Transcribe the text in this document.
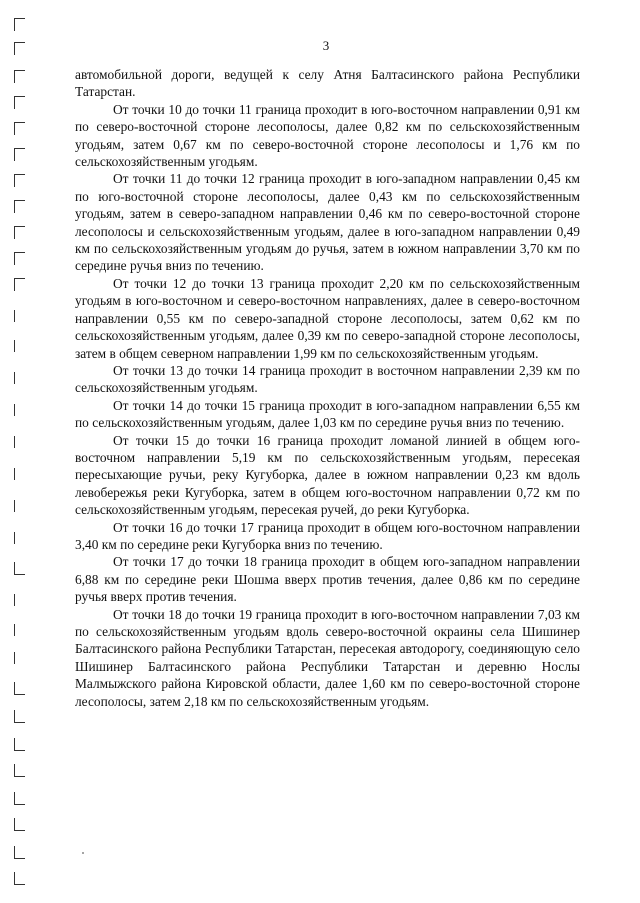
3

автомобильной дороги, ведущей к селу Атня Балтасинского района Республики Татарстан.

От точки 10 до точки 11 граница проходит в юго-восточном направлении 0,91 км по северо-восточной стороне лесополосы, далее 0,82 км по сельскохозяйственным угодьям, затем 0,67 км по северо-восточной стороне лесополосы и 1,76 км по сельскохозяйственным угодьям.

От точки 11 до точки 12 граница проходит в юго-западном направлении 0,45 км по юго-восточной стороне лесополосы, далее 0,43 км по сельскохозяйственным угодьям, затем в северо-западном направлении 0,46 км по северо-восточной стороне лесополосы и сельскохозяйственным угодьям, далее в юго-западном направлении 0,49 км по сельскохозяйственным угодьям до ручья, затем в южном направлении 3,70 км по середине ручья вниз по течению.

От точки 12 до точки 13 граница проходит 2,20 км по сельскохозяйственным угодьям в юго-восточном и северо-восточном направлениях, далее в северо-восточном направлении 0,55 км по северо-западной стороне лесополосы, затем 0,62 км по сельскохозяйственным угодьям, далее 0,39 км по северо-западной стороне лесополосы, затем в общем северном направлении 1,99 км по сельскохозяйственным угодьям.

От точки 13 до точки 14 граница проходит в восточном направлении 2,39 км по сельскохозяйственным угодьям.

От точки 14 до точки 15 граница проходит в юго-западном направлении 6,55 км по сельскохозяйственным угодьям, далее 1,03 км по середине ручья вниз по течению.

От точки 15 до точки 16 граница проходит ломаной линией в общем юго-восточном направлении 5,19 км по сельскохозяйственным угодьям, пересекая пересыхающие ручьи, реку Кугуборка, далее в южном направлении 0,23 км вдоль левобережья реки Кугуборка, затем в общем юго-восточном направлении 0,72 км по сельскохозяйственным угодьям, пересекая ручей, до реки Кугуборка.

От точки 16 до точки 17 граница проходит в общем юго-восточном направлении 3,40 км по середине реки Кугуборка вниз по течению.

От точки 17 до точки 18 граница проходит в общем юго-западном направлении 6,88 км по середине реки Шошма вверх против течения, далее 0,86 км по середине ручья вверх против течения.

От точки 18 до точки 19 граница проходит в юго-восточном направлении 7,03 км по сельскохозяйственным угодьям вдоль северо-восточной окраины села Шишинер Балтасинского района Республики Татарстан, пересекая автодорогу, соединяющую село Шишинер Балтасинского района Республики Татарстан и деревню Нослы Малмыжского района Кировской области, далее 1,60 км по северо-восточной стороне лесополосы, затем 2,18 км по сельскохозяйственным угодьям.
